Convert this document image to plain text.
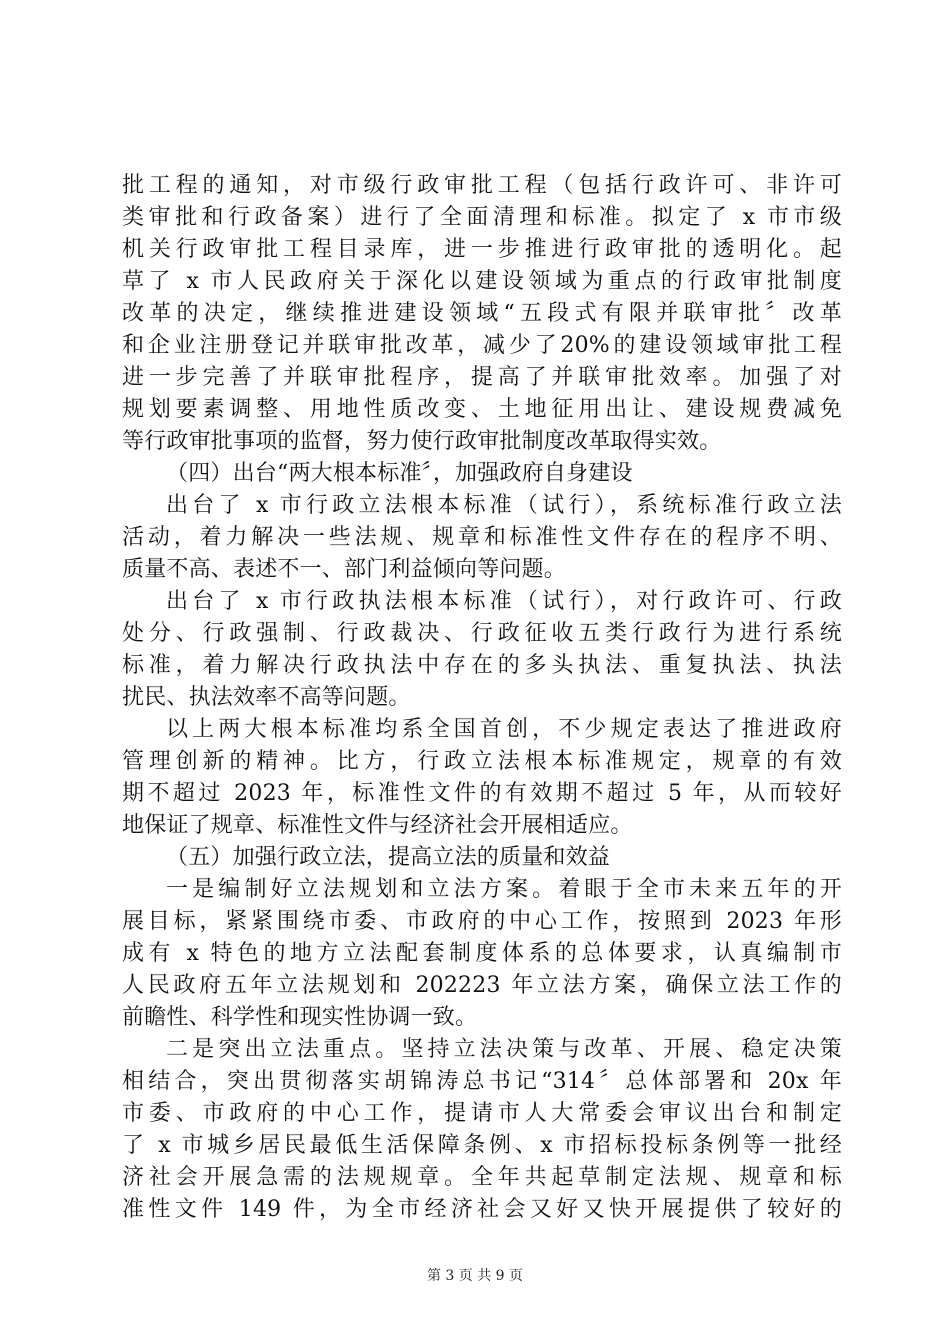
批工程的通知，对市级行政审批工程（包括行政许可、非许可
类审批和行政备案）进行了全面清理和标准。拟定了 x 市市级
机关行政审批工程目录库，进一步推进行政审批的透明化。起
草了 x 市人民政府关于深化以建设领域为重点的行政审批制度
改革的决定，继续推进建设领域“五段式有限并联审批〞改革
和企业注册登记并联审批改革，减少了20%的建设领域审批工程
进一步完善了并联审批程序，提高了并联审批效率。加强了对
规划要素调整、用地性质改变、土地征用出让、建设规费减免
等行政审批事项的监督，努力使行政审批制度改革取得实效。
（四）出台“两大根本标准〞，加强政府自身建设
出台了 x 市行政立法根本标准（试行），系统标准行政立法
活动，着力解决一些法规、规章和标准性文件存在的程序不明、
质量不高、表述不一、部门利益倾向等问题。
出台了 x 市行政执法根本标准（试行），对行政许可、行政
处分、行政强制、行政裁决、行政征收五类行政行为进行系统
标准，着力解决行政执法中存在的多头执法、重复执法、执法
扰民、执法效率不高等问题。
以上两大根本标准均系全国首创，不少规定表达了推进政府
管理创新的精神。比方，行政立法根本标准规定，规章的有效
期不超过 2023 年，标准性文件的有效期不超过 5 年，从而较好
地保证了规章、标准性文件与经济社会开展相适应。
（五）加强行政立法，提高立法的质量和效益
一是编制好立法规划和立法方案。着眼于全市未来五年的开
展目标，紧紧围绕市委、市政府的中心工作，按照到 2023 年形
成有 x 特色的地方立法配套制度体系的总体要求，认真编制市
人民政府五年立法规划和 202223 年立法方案，确保立法工作的
前瞻性、科学性和现实性协调一致。
二是突出立法重点。坚持立法决策与改革、开展、稳定决策
相结合，突出贯彻落实胡锦涛总书记“314〞总体部署和 20x 年
市委、市政府的中心工作，提请市人大常委会审议出台和制定
了 x 市城乡居民最低生活保障条例、x 市招标投标条例等一批经
济社会开展急需的法规规章。全年共起草制定法规、规章和标
准性文件 149 件，为全市经济社会又好又快开展提供了较好的
第 3 页 共 9 页
